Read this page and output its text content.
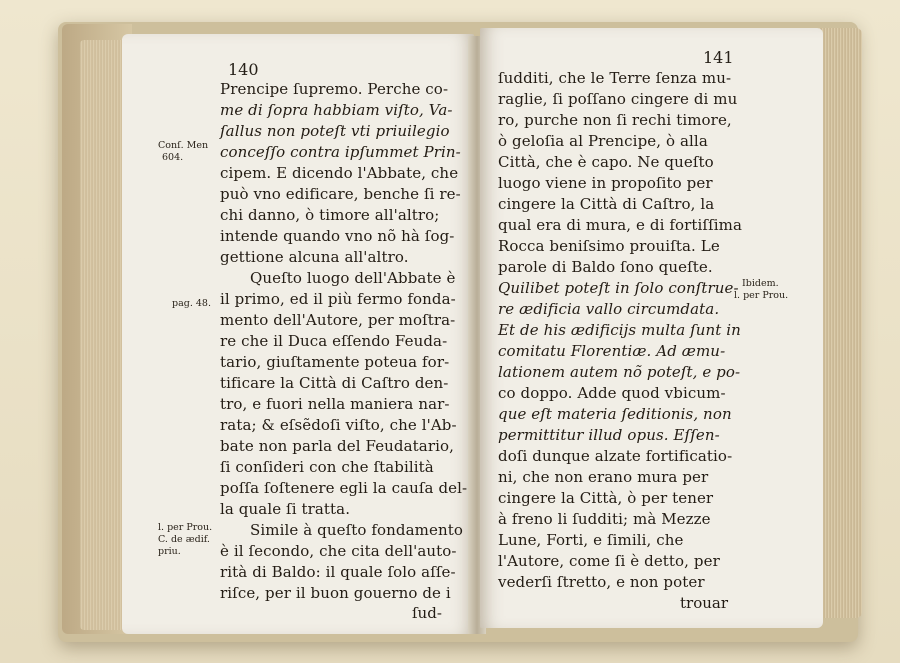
140
Prencipe ſupremo. Perche co-
me di ſopra habbiam viſto, Va-
ſallus non poteſt vti priuilegio
conceſſo contra ipſummet Prin-
cipem. E dicendo l'Abbate, che
può vno edificare, benche ſi re-
chi danno, ò timore all'altro;
intende quando vno nõ hà ſog-
gettione alcuna all'altro.
Queſto luogo dell'Abbate è
il primo, ed il più fermo fonda-
mento dell'Autore, per moſtra-
re che il Duca eſſendo Feuda-
tario, giuſtamente poteua for-
tificare la Città di Caſtro den-
tro, e fuori nella maniera nar-
rata; & eſsẽdoſi viſto, che l'Ab-
bate non parla del Feudatario,
ſi conſideri con che ſtabilità
poſſa ſoſtenere egli la cauſa del-
la quale ſi tratta.
Simile à queſto fondamento
è il ſecondo, che cita dell'auto-
rità di Baldo: il quale ſolo aſſe-
riſce, per il buon gouerno de i
ſud-
Conſ. Men
604.
pag. 48.
l. per Prou.
C. de ædif.
priu.
141
ſudditi, che le Terre ſenza mu-
raglie, ſi poſſano cingere di mu
ro, purche non ſi rechi timore,
ò geloſia al Prencipe, ò alla
Città, che è capo. Ne queſto
luogo viene in propoſito per
cingere la Città di Caſtro, la
qual era di mura, e di fortiſſima
Rocca beniſsimo prouiſta. Le
parole di Baldo ſono queſte.
Quilibet poteſt in ſolo conſtrue-
re ædificia vallo circumdata.
Et de his ædificijs multa ſunt in
comitatu Florentiæ. Ad æmu-
lationem autem nõ poteſt, e po-
co doppo. Adde quod vbicum-
que eſt materia ſeditionis, non
permittitur illud opus. Eſſen-
doſi dunque alzate fortificatio-
ni, che non erano mura per
cingere la Città, ò per tener
à freno li ſudditi; mà Mezze
Lune, Forti, e ſimili, che
l'Autore, come ſi è detto, per
vederſi ſtretto, e non poter
trouar
Ibidem.
l. per Prou.
